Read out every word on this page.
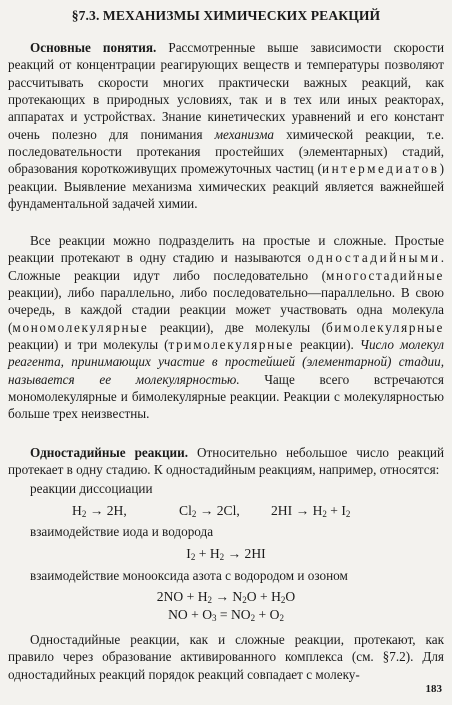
§7.3. МЕХАНИЗМЫ ХИМИЧЕСКИХ РЕАКЦИЙ

Основные понятия. Рассмотренные выше зависимости скорости реакций от концентрации реагирующих веществ и температуры позволяют рассчитывать скорости многих практически важных реакций, как протекающих в природных условиях, так и в тех или иных реакторах, аппаратах и устройствах. Знание кинетических уравнений и его констант очень полезно для понимания механизма химической реакции, т.е. последовательности протекания простейших (элементарных) стадий, образования короткоживущих промежуточных частиц (интермедиатов) реакции. Выявление механизма химических реакций является важнейшей фундаментальной задачей химии.

Все реакции можно подразделить на простые и сложные. Простые реакции протекают в одну стадию и называются одностадийными. Сложные реакции идут либо последовательно (многостадийные реакции), либо параллельно, либо последовательно—параллельно. В свою очередь, в каждой стадии реакции может участвовать одна молекула (мономолекулярные реакции), две молекулы (бимолекулярные реакции) и три молекулы (тримолекулярные реакции). Число молекул реагента, принимающих участие в простейшей (элементарной) стадии, называется ее молекулярностью. Чаще всего встречаются мономолекулярные и бимолекулярные реакции. Реакции с молекулярностью больше трех неизвестны.

Одностадийные реакции. Относительно небольшое число реакций протекает в одну стадию. К одностадийным реакциям, например, относятся:

реакции диссоциации
$H_2 \to 2H$,	$Cl_2 \to 2Cl$, $2HI \to H_2 + I_2$
взаимодействие иода и водорода
$I_2 + H_2 \to 2HI$
взаимодействие монооксида азота с водородом и озоном
$2NO + H_2 \to N_2O + H_2O$
NO + $O_3 = NO_2 + O_2$

Одностадийные реакции, как и сложные реакции, протекают, как правило через образование активированного комплекса (см. §7.2). Для одностадийных реакций порядок реакций совпадает с молеку-

183
